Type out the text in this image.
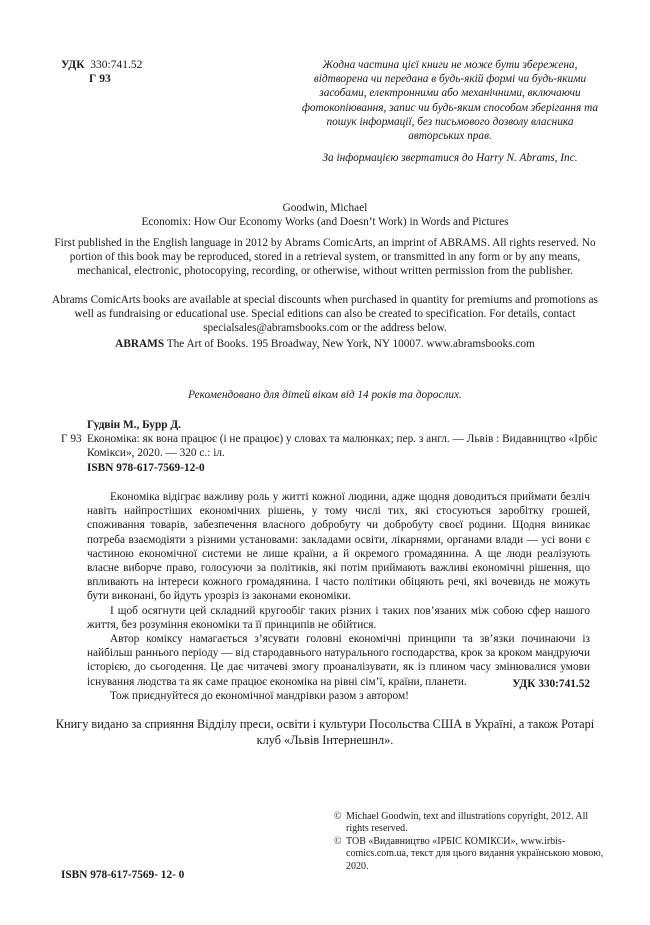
УДК 330:741.52
Г 93

Жодна частина цієї книги не може бути збережена, відтворена чи передана в будь-якій формі чи будь-якими засобами, електронними або механічними, включаючи фотокопіювання, запис чи будь-яким способом зберігання та пошук інформації, без письмового дозволу власника авторських прав.

За інформацією звертатися до Harry N. Abrams, Inc.

Goodwin, Michael

Economix: How Our Economy Works (and Doesn’t Work) in Words and Pictures

First published in the English language in 2012 by Abrams ComicArts, an imprint of ABRAMS. All rights reserved. No portion of this book may be reproduced, stored in a retrieval system, or transmitted in any form or by any means, mechanical, electronic, photocopying, recording, or otherwise, without written permission from the publisher.

Abrams ComicArts books are available at special discounts when purchased in quantity for premiums and promotions as well as fundraising or educational use. Special editions can also be created to specification. For details, contact specialsales@abramsbooks.com or the address below.

ABRAMS The Art of Books. 195 Broadway, New York, NY 10007. www.abramsbooks.com

Рекомендовано для дітей віком від 14 років та дорослих.

Г 93

Гудвін М., Бурр Д.

Економіка: як вона працює (і не працює) у словах та малюнках; пер. з англ. — Львів : Видавництво «Ірбіс Комікси», 2020. — 320 с.: іл.

ISBN 978-617-7569-12-0

Економіка відіграє важливу роль у житті кожної людини, адже щодня доводиться приймати безліч навіть найпростіших економічних рішень, у тому числі тих, які стосуються заробітку грошей, споживання товарів, забезпечення власного добробуту чи добробуту своєї родини. Щодня виникає потреба взаємодіяти з різними установами: закладами освіти, лікарнями, органами влади — усі вони є частиною економічної системи не лише країни, а й окремого громадянина. А ще люди реалізують власне виборче право, голосуючи за політиків, які потім приймають важливі економічні рішення, що впливають на інтереси кожного громадянина. І часто політики обіцяють речі, які вочевидь не можуть бути виконані, бо йдуть урозріз із законами економіки.

І щоб осягнути цей складний кругообіг таких різних і таких пов’язаних між собою сфер нашого життя, без розуміння економіки та її принципів не обійтися.

Автор коміксу намагається з’ясувати головні економічні принципи та зв’язки починаючи із найбільш раннього періоду — від стародавнього натурального господарства, крок за кроком мандруючи історією, до сьогодення. Це дає читачеві змогу проаналізувати, як із плином часу змінювалися умови існування людства та як саме працює економіка на рівні сім’ї, країни, планети.

Тож приєднуйтеся до економічної мандрівки разом з автором!

УДК 330:741.52

Книгу видано за сприяння Відділу преси, освіти і культури Посольства США в Україні, а також Ротарі клуб «Львів Інтернешнл».

© Michael Goodwin, text and illustrations copyright, 2012. All rights reserved.
© ТОВ «Видавництво «ІРБІС КОМІКСИ», www.irbis-comics.com.ua, текст для цього видання українською мовою, 2020.
ISBN 978-617-7569- 12- 0
